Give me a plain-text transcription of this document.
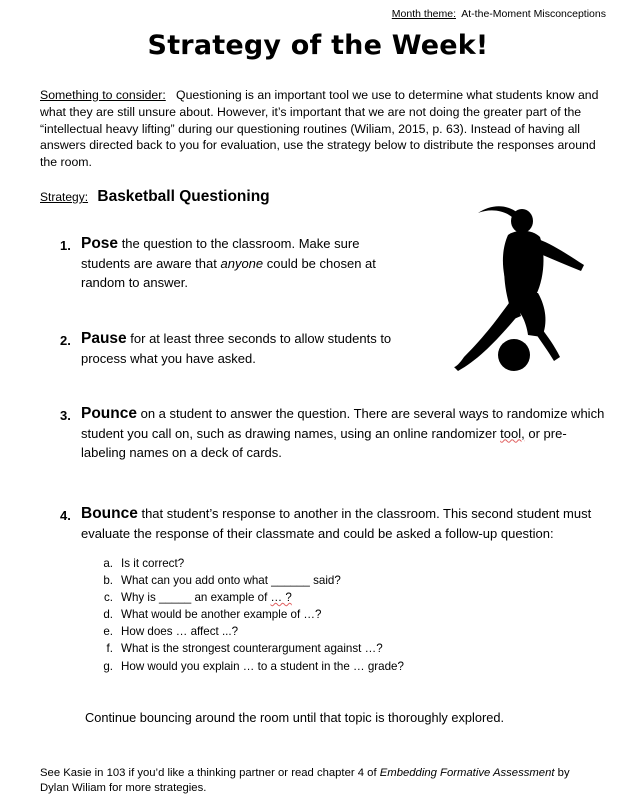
Month theme: At-the-Moment Misconceptions
Strategy of the Week!
Something to consider: Questioning is an important tool we use to determine what students know and what they are still unsure about. However, it’s important that we are not doing the greater part of the “intellectual heavy lifting” during our questioning routines (Wiliam, 2015, p. 63). Instead of having all answers directed back to you for evaluation, use the strategy below to distribute the responses around the room.
Strategy: Basketball Questioning
1. Pose the question to the classroom. Make sure students are aware that anyone could be chosen at random to answer.
2. Pause for at least three seconds to allow students to process what you have asked.
3. Pounce on a student to answer the question. There are several ways to randomize which student you call on, such as drawing names, using an online randomizer tool, or pre-labeling names on a deck of cards.
4. Bounce that student’s response to another in the classroom. This second student must evaluate the response of their classmate and could be asked a follow-up question:
a. Is it correct?
b. What can you add onto what ______ said?
c. Why is _____ an example of … ?
d. What would be another example of …?
e. How does … affect ...?
f. What is the strongest counterargument against …?
g. How would you explain … to a student in the … grade?
Continue bouncing around the room until that topic is thoroughly explored.
See Kasie in 103 if you’d like a thinking partner or read chapter 4 of Embedding Formative Assessment by Dylan Wiliam for more strategies.
